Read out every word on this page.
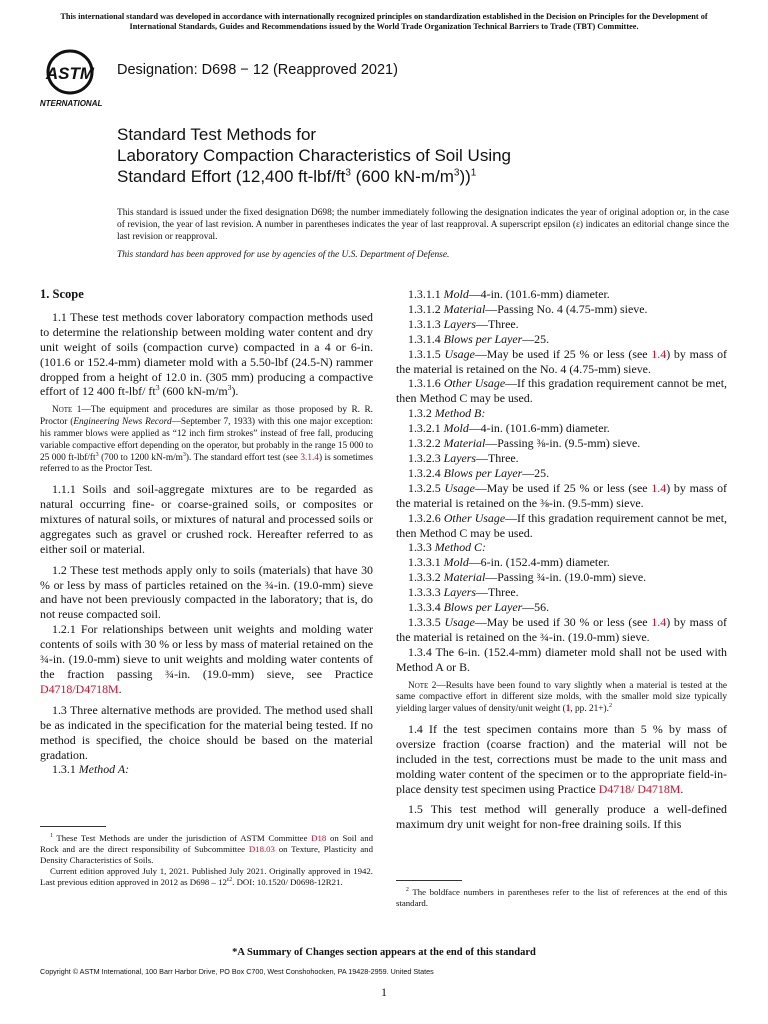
This international standard was developed in accordance with internationally recognized principles on standardization established in the Decision on Principles for the Development of International Standards, Guides and Recommendations issued by the World Trade Organization Technical Barriers to Trade (TBT) Committee.
ASTM
INTERNATIONAL
Designation: D698 − 12 (Reapproved 2021)
Standard Test Methods for
Laboratory Compaction Characteristics of Soil Using
Standard Effort (12,400 $ft-lbf/ft^3$ (600 $kN-m/m^3))^1$

This standard is issued under the fixed designation D698; the number immediately following the designation indicates the year of original adoption or, in the case of revision, the year of last revision. A number in parentheses indicates the year of last reapproval. A superscript epsilon (ε) indicates an editorial change since the last revision or reapproval.

This standard has been approved for use by agencies of the U.S. Department of Defense.

1. Scope

1.1 These test methods cover laboratory compaction methods used to determine the relationship between molding water content and dry unit weight of soils (compaction curve) compacted in a 4 or 6-in. (101.6 or 152.4-mm) diameter mold with a 5.50-lbf (24.5-N) rammer dropped from a height of 12.0 in. (305 mm) producing a compactive effort of 12 400 ft-lbf/ $ft^3$ (600 $kN-m/m^3$).

Note 1—The equipment and procedures are similar as those proposed by R. R. Proctor (Engineering News Record—September 7, 1933) with this one major exception: his rammer blows were applied as “12 inch firm strokes” instead of free fall, producing variable compactive effort depending on the operator, but probably in the range 15 000 to 25 000 $ft-lbf/ft^3$ (700 to 1200 $kN-m/m^3$). The standard effort test (see 3.1.4) is sometimes referred to as the Proctor Test.

1.1.1 Soils and soil-aggregate mixtures are to be regarded as natural occurring fine- or coarse-grained soils, or composites or mixtures of natural soils, or mixtures of natural and processed soils or aggregates such as gravel or crushed rock. Hereafter referred to as either soil or material.

1.2 These test methods apply only to soils (materials) that have 30 % or less by mass of particles retained on the ¾-in. (19.0-mm) sieve and have not been previously compacted in the laboratory; that is, do not reuse compacted soil.

1.2.1 For relationships between unit weights and molding water contents of soils with 30 % or less by mass of material retained on the ¾-in. (19.0-mm) sieve to unit weights and molding water contents of the fraction passing ¾-in. (19.0-mm) sieve, see Practice D4718/D4718M.

1.3 Three alternative methods are provided. The method used shall be as indicated in the specification for the material being tested. If no method is specified, the choice should be based on the material gradation.

1.3.1 Method A:

$^1$ These Test Methods are under the jurisdiction of ASTM Committee D18 on Soil and Rock and are the direct responsibility of Subcommittee D18.03 on Texture, Plasticity and Density Characteristics of Soils.

Current edition approved July 1, 2021. Published July 2021. Originally approved in 1942. Last previous edition approved in 2012 as $D698 - 12^{\varepsilon 2}$. DOI: 10.1520/ D0698-12R21.

1.3.1.1 Mold—4-in. (101.6-mm) diameter.

1.3.1.2 Material—Passing No. 4 (4.75-mm) sieve.

1.3.1.3 Layers—Three.

1.3.1.4 Blows per Layer—25.

1.3.1.5 Usage—May be used if 25 % or less (see 1.4) by mass of the material is retained on the No. 4 (4.75-mm) sieve.

1.3.1.6 Other Usage—If this gradation requirement cannot be met, then Method C may be used.

1.3.2 Method B:

1.3.2.1 Mold—4-in. (101.6-mm) diameter.

1.3.2.2 Material—Passing ⅜-in. (9.5-mm) sieve.

1.3.2.3 Layers—Three.

1.3.2.4 Blows per Layer—25.

1.3.2.5 Usage—May be used if 25 % or less (see 1.4) by mass of the material is retained on the ⅜-in. (9.5-mm) sieve.

1.3.2.6 Other Usage—If this gradation requirement cannot be met, then Method C may be used.

1.3.3 Method C:

1.3.3.1 Mold—6-in. (152.4-mm) diameter.

1.3.3.2 Material—Passing ¾-in. (19.0-mm) sieve.

1.3.3.3 Layers—Three.

1.3.3.4 Blows per Layer—56.

1.3.3.5 Usage—May be used if 30 % or less (see 1.4) by mass of the material is retained on the ¾-in. (19.0-mm) sieve.

1.3.4 The 6-in. (152.4-mm) diameter mold shall not be used with Method A or B.

Note 2—Results have been found to vary slightly when a material is tested at the same compactive effort in different size molds, with the smaller mold size typically yielding larger values of density/unit weight (1, pp. 21+).$^2$

1.4 If the test specimen contains more than 5 % by mass of oversize fraction (coarse fraction) and the material will not be included in the test, corrections must be made to the unit mass and molding water content of the specimen or to the appropriate field-in-place density test specimen using Practice D4718/ D4718M.

1.5 This test method will generally produce a well-defined maximum dry unit weight for non-free draining soils. If this

$^2$ The boldface numbers in parentheses refer to the list of references at the end of this standard.

*A Summary of Changes section appears at the end of this standard
Copyright © ASTM International, 100 Barr Harbor Drive, PO Box C700, West Conshohocken, PA 19428-2959. United States
1
